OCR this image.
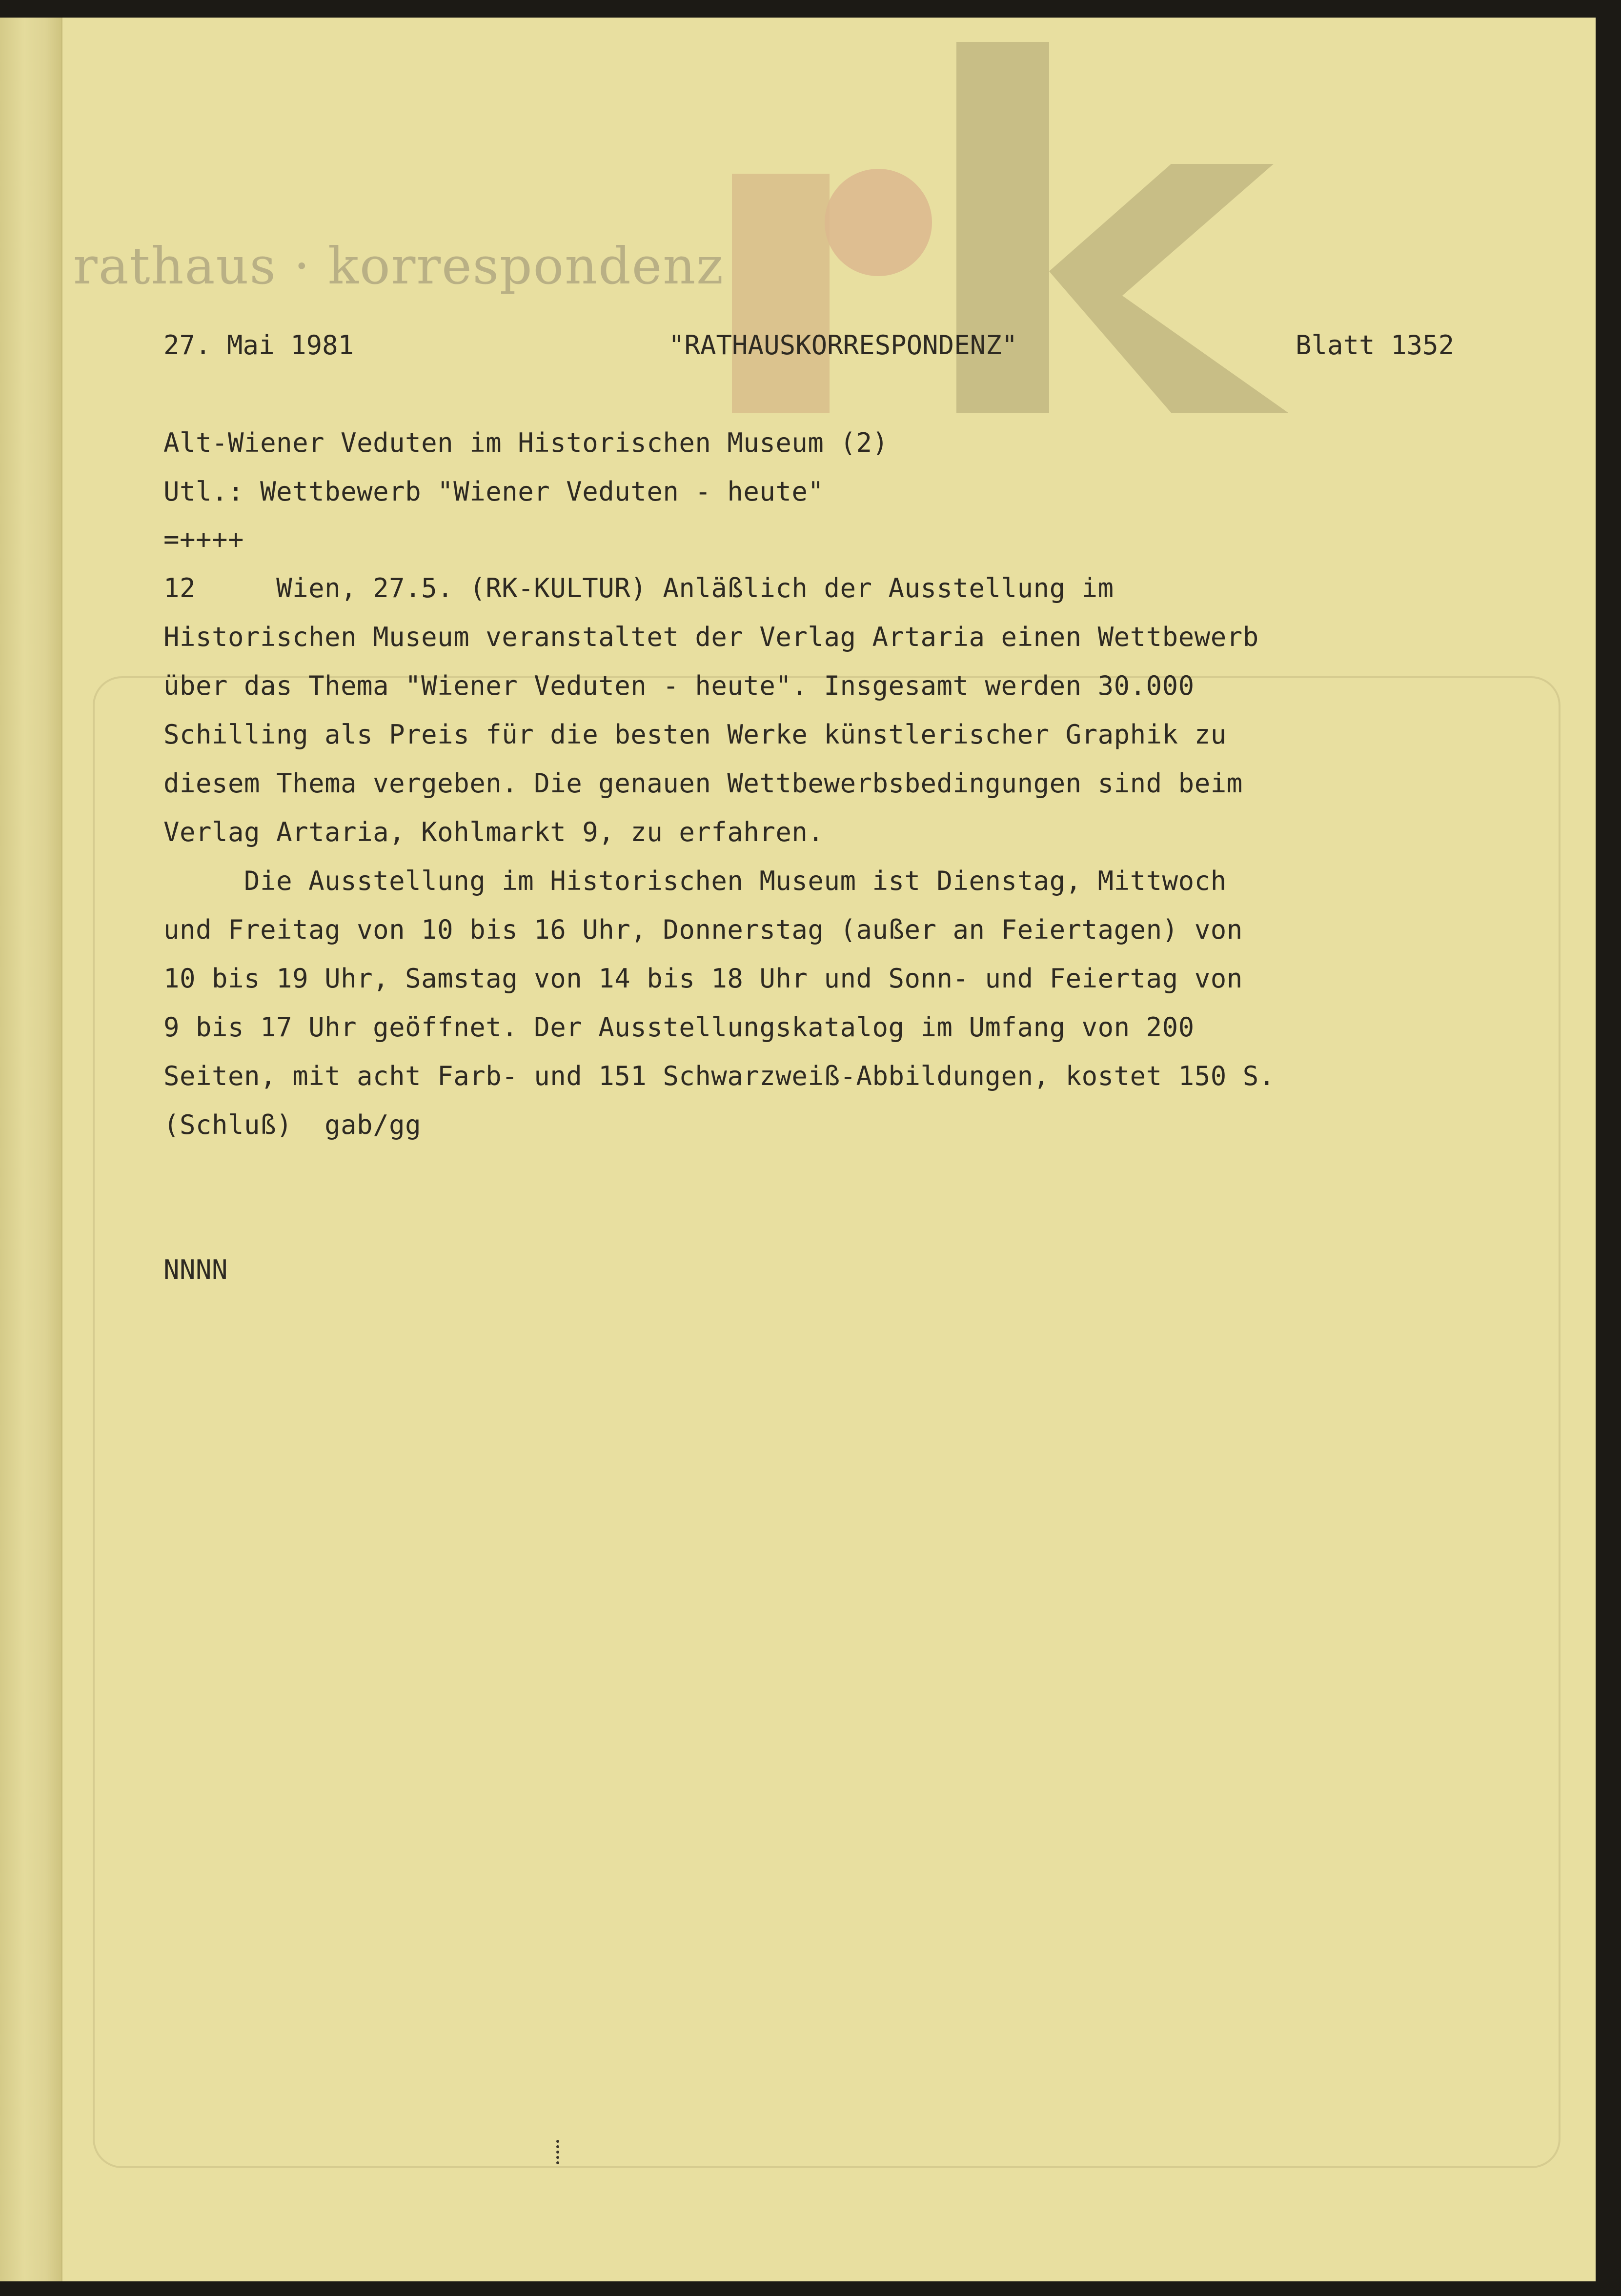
rathaus · korrespondenz
27. Mai 1981	"RATHAUSKORRESPONDENZ"	Blatt 1352
Alt-Wiener Veduten im Historischen Museum (2)
Utl.: Wettbewerb "Wiener Veduten - heute"
=++++
12     Wien, 27.5. (RK-KULTUR) Anläßlich der Ausstellung im
Historischen Museum veranstaltet der Verlag Artaria einen Wettbewerb
über das Thema "Wiener Veduten - heute". Insgesamt werden 30.000
Schilling als Preis für die besten Werke künstlerischer Graphik zu
diesem Thema vergeben. Die genauen Wettbewerbsbedingungen sind beim
Verlag Artaria, Kohlmarkt 9, zu erfahren.
Die Ausstellung im Historischen Museum ist Dienstag, Mittwoch
und Freitag von 10 bis 16 Uhr, Donnerstag (außer an Feiertagen) von
10 bis 19 Uhr, Samstag von 14 bis 18 Uhr und Sonn- und Feiertag von
9 bis 17 Uhr geöffnet. Der Ausstellungskatalog im Umfang von 200
Seiten, mit acht Farb- und 151 Schwarzweiß-Abbildungen, kostet 150 S.
(Schluß)  gab/gg
NNNN
